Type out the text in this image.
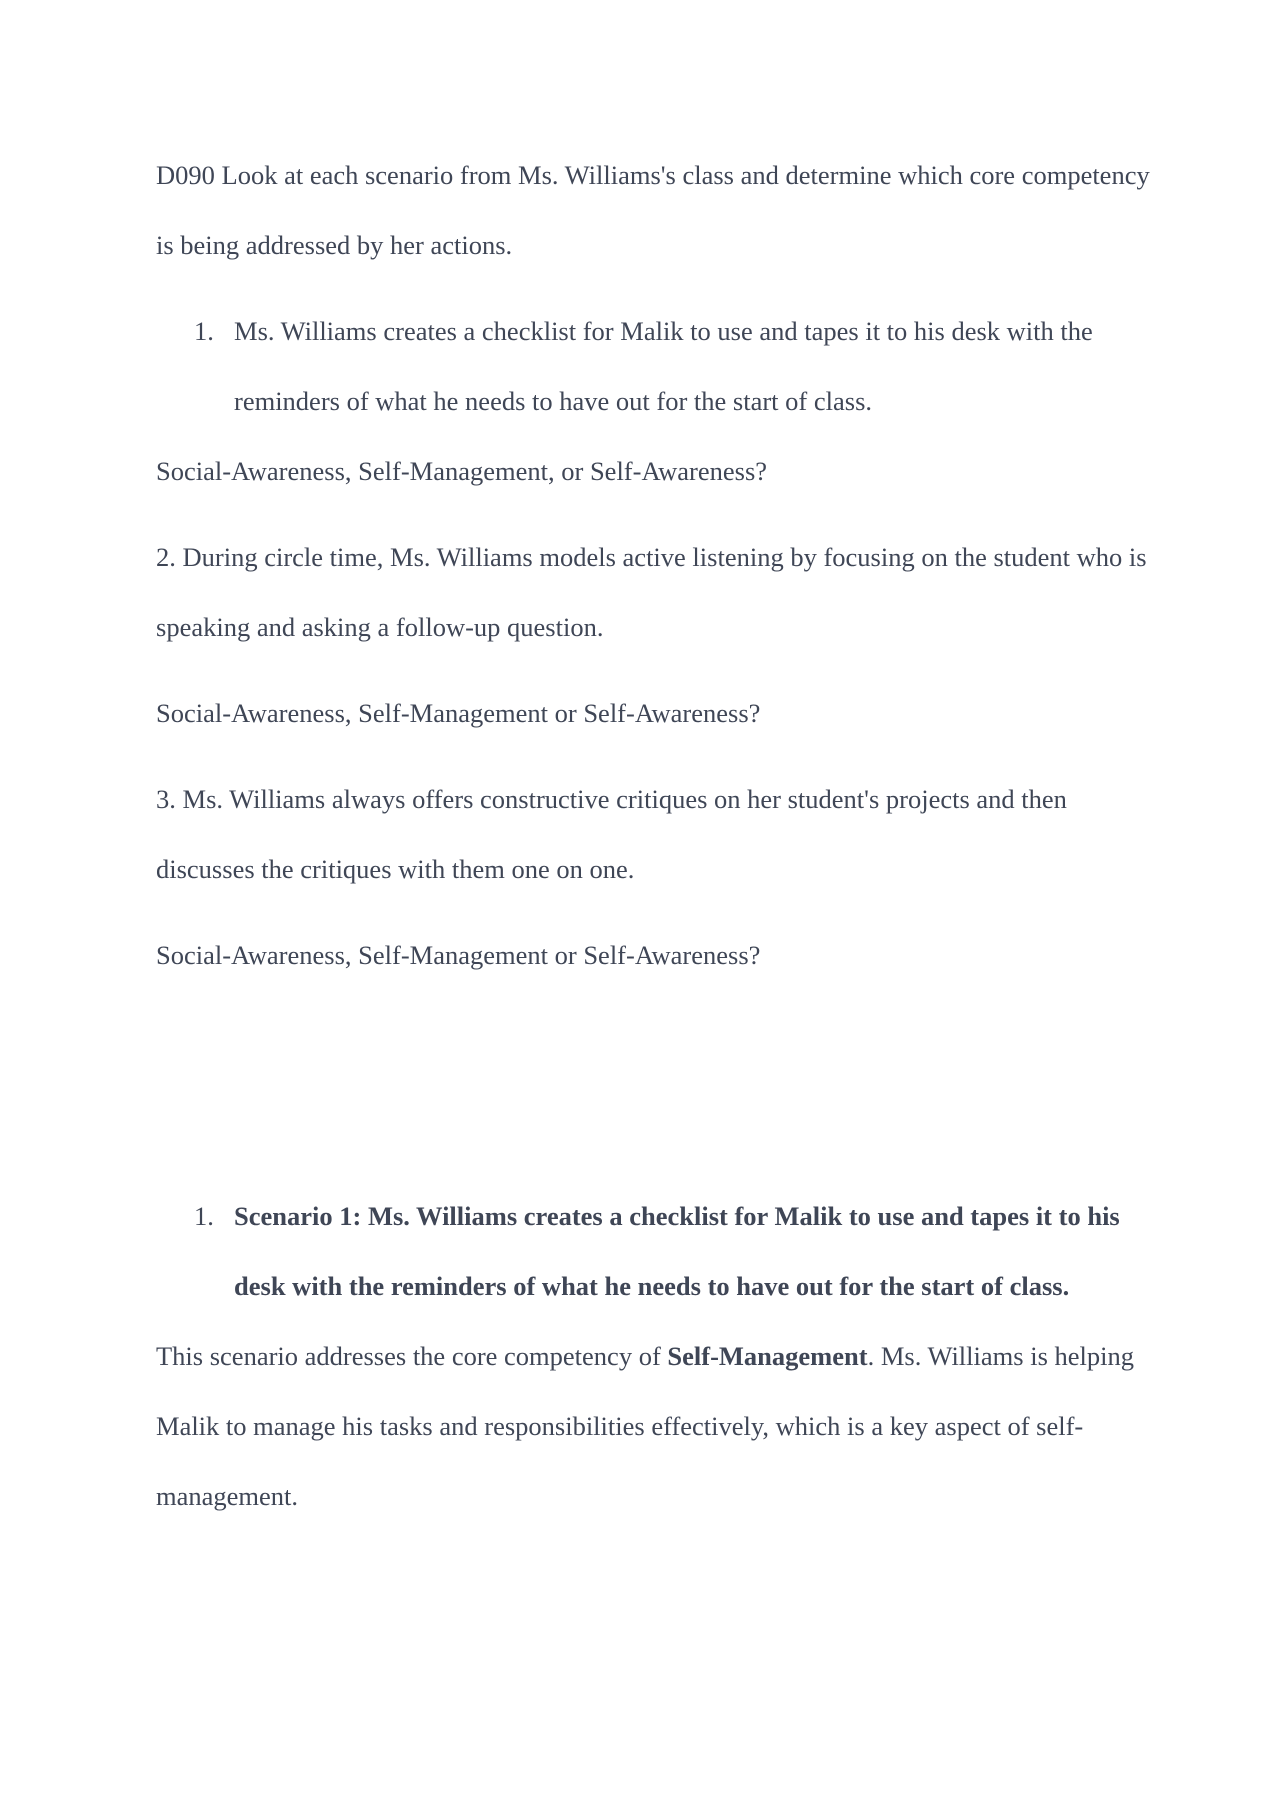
D090 Look at each scenario from Ms. Williams's class and determine which core competency is being addressed by her actions.

1. Ms. Williams creates a checklist for Malik to use and tapes it to his desk with the reminders of what he needs to have out for the start of class.

Social-Awareness, Self-Management, or Self-Awareness?

2. During circle time, Ms. Williams models active listening by focusing on the student who is speaking and asking a follow-up question.

Social-Awareness, Self-Management or Self-Awareness?

3. Ms. Williams always offers constructive critiques on her student's projects and then discusses the critiques with them one on one.

Social-Awareness, Self-Management or Self-Awareness?

1. Scenario 1: Ms. Williams creates a checklist for Malik to use and tapes it to his desk with the reminders of what he needs to have out for the start of class.

This scenario addresses the core competency of Self-Management. Ms. Williams is helping Malik to manage his tasks and responsibilities effectively, which is a key aspect of self-management.
